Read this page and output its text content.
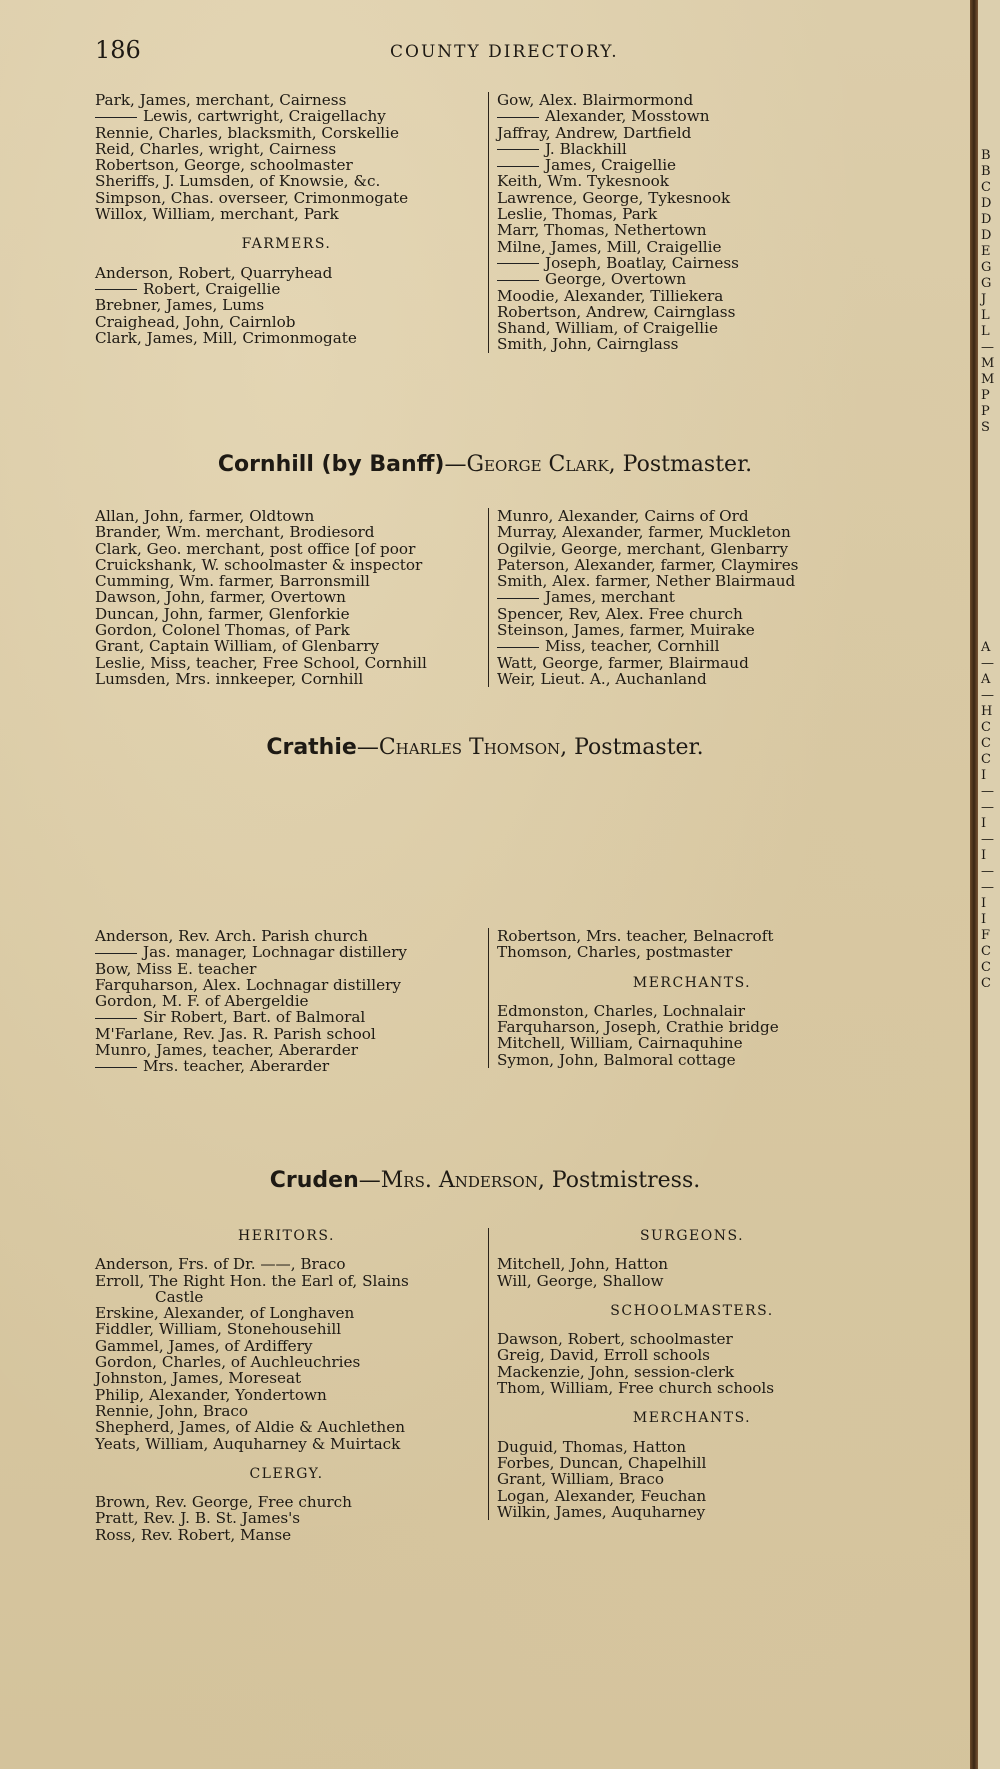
186	COUNTY DIRECTORY.
Park, James, merchant, Cairness
Lewis, cartwright, Craigellachy
Rennie, Charles, blacksmith, Corskellie
Reid, Charles, wright, Cairness
Robertson, George, schoolmaster
Sheriffs, J. Lumsden, of Knowsie, &c.
Simpson, Chas. overseer, Crimonmogate
Willox, William, merchant, Park
FARMERS.
Anderson, Robert, Quarryhead
Robert, Craigellie
Brebner, James, Lums
Craighead, John, Cairnlob
Clark, James, Mill, Crimonmogate
Gow, Alex. Blairmormond
Alexander, Mosstown
Jaffray, Andrew, Dartfield
J. Blackhill
James, Craigellie
Keith, Wm. Tykesnook
Lawrence, George, Tykesnook
Leslie, Thomas, Park
Marr, Thomas, Nethertown
Milne, James, Mill, Craigellie
Joseph, Boatlay, Cairness
George, Overtown
Moodie, Alexander, Tilliekera
Robertson, Andrew, Cairnglass
Shand, William, of Craigellie
Smith, John, Cairnglass
Cornhill (by Banff)—George Clark, Postmaster.
Allan, John, farmer, Oldtown
Brander, Wm. merchant, Brodiesord
Clark, Geo. merchant, post office [of poor
Cruickshank, W. schoolmaster & inspector
Cumming, Wm. farmer, Barronsmill
Dawson, John, farmer, Overtown
Duncan, John, farmer, Glenforkie
Gordon, Colonel Thomas, of Park
Grant, Captain William, of Glenbarry
Leslie, Miss, teacher, Free School, Cornhill
Lumsden, Mrs. innkeeper, Cornhill
Munro, Alexander, Cairns of Ord
Murray, Alexander, farmer, Muckleton
Ogilvie, George, merchant, Glenbarry
Paterson, Alexander, farmer, Claymires
Smith, Alex. farmer, Nether Blairmaud
James, merchant
Spencer, Rev, Alex. Free church
Steinson, James, farmer, Muirake
Miss, teacher, Cornhill
Watt, George, farmer, Blairmaud
Weir, Lieut. A., Auchanland
Crathie—Charles Thomson, Postmaster.
Anderson, Rev. Arch. Parish church
Jas. manager, Lochnagar distillery
Bow, Miss E. teacher
Farquharson, Alex. Lochnagar distillery
Gordon, M. F. of Abergeldie
Sir Robert, Bart. of Balmoral
M'Farlane, Rev. Jas. R. Parish school
Munro, James, teacher, Aberarder
Mrs. teacher, Aberarder
Robertson, Mrs. teacher, Belnacroft
Thomson, Charles, postmaster
MERCHANTS.
Edmonston, Charles, Lochnalair
Farquharson, Joseph, Crathie bridge
Mitchell, William, Cairnaquhine
Symon, John, Balmoral cottage
Cruden—Mrs. Anderson, Postmistress.
HERITORS.
Anderson, Frs. of Dr. ——, Braco
Erroll, The Right Hon. the Earl of, Slains
Castle
Erskine, Alexander, of Longhaven
Fiddler, William, Stonehousehill
Gammel, James, of Ardiffery
Gordon, Charles, of Auchleuchries
Johnston, James, Moreseat
Philip, Alexander, Yondertown
Rennie, John, Braco
Shepherd, James, of Aldie & Auchlethen
Yeats, William, Auquharney & Muirtack
CLERGY.
Brown, Rev. George, Free church
Pratt, Rev. J. B. St. James's
Ross, Rev. Robert, Manse
SURGEONS.
Mitchell, John, Hatton
Will, George, Shallow
SCHOOLMASTERS.
Dawson, Robert, schoolmaster
Greig, David, Erroll schools
Mackenzie, John, session-clerk
Thom, William, Free church schools
MERCHANTS.
Duguid, Thomas, Hatton
Forbes, Duncan, Chapelhill
Grant, William, Braco
Logan, Alexander, Feuchan
Wilkin, James, Auquharney
B
B
C
D
D
D
E
G
G
J
L
L
—
M
M
P
P
S
A
—
A
—
H
C
C
C
I
—
—
I
—
I
—
—
I
I
F
C
C
C
